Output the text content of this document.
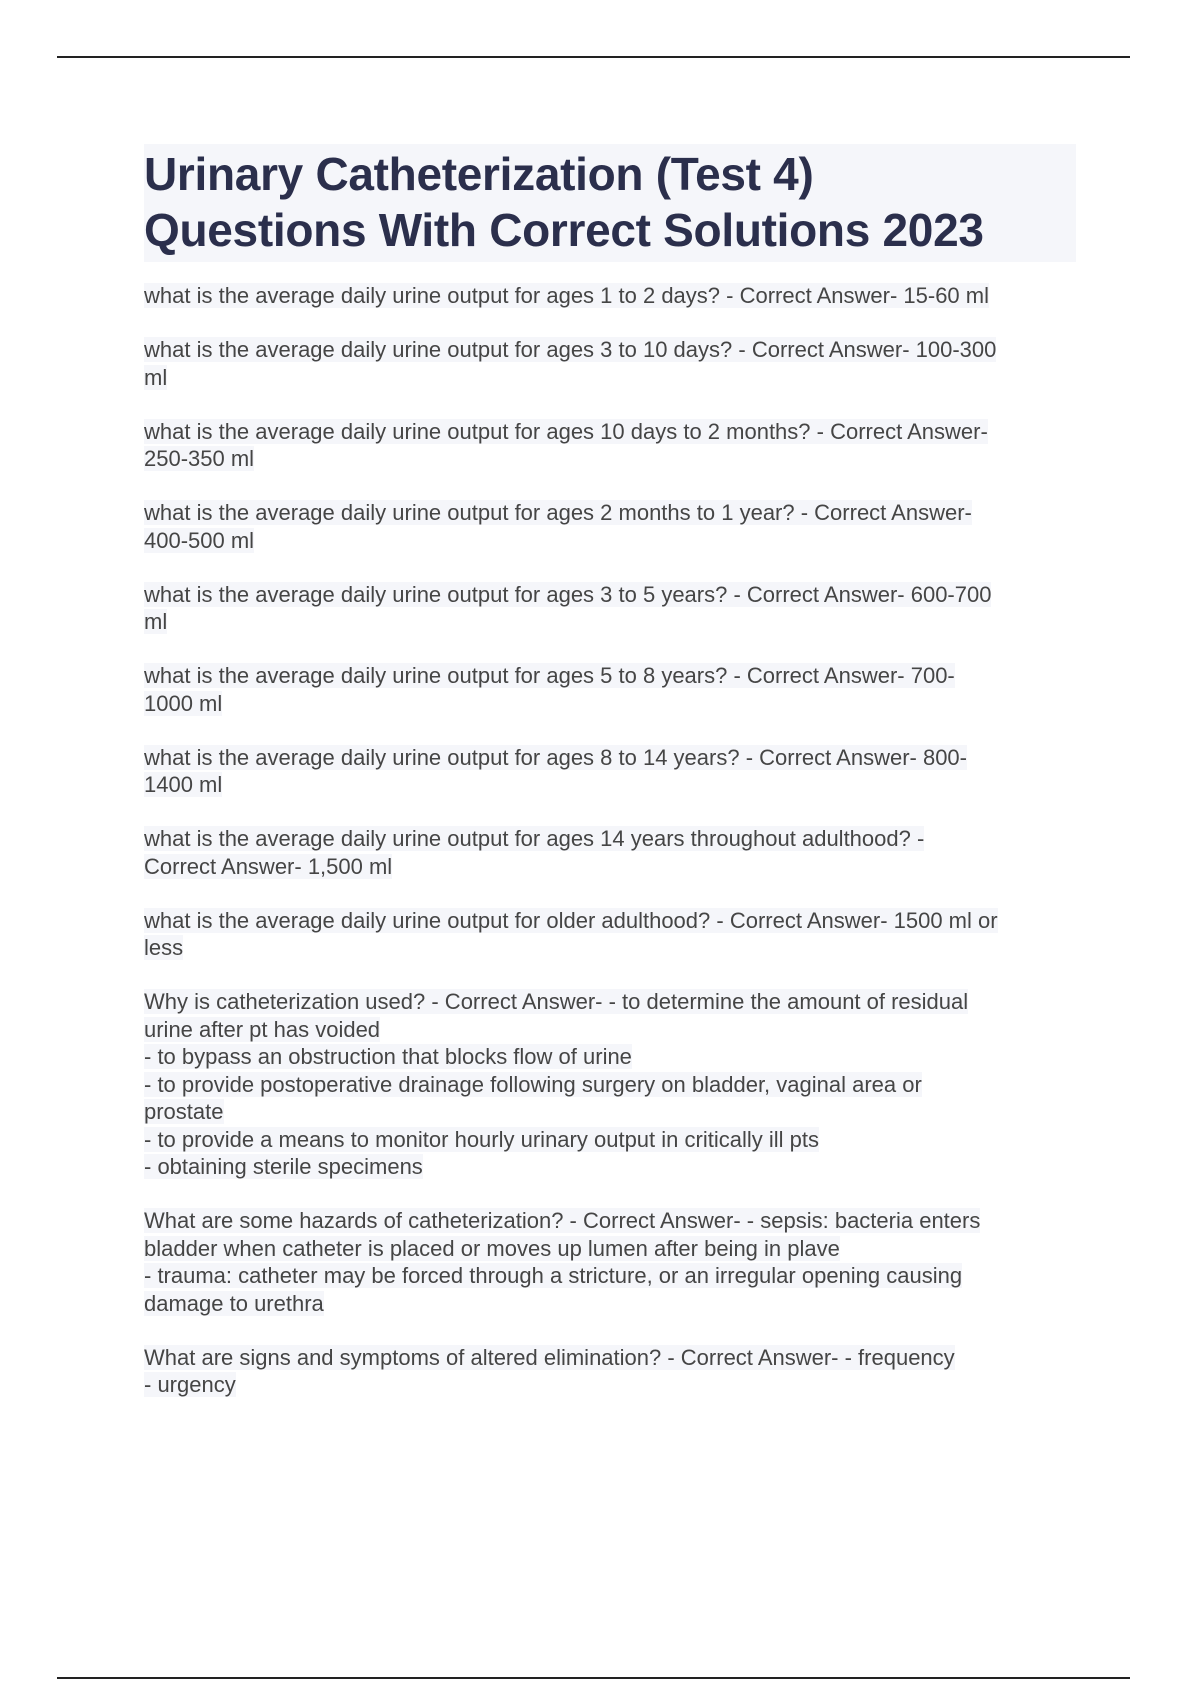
Urinary Catheterization (Test 4)
Questions With Correct Solutions 2023
what is the average daily urine output for ages 1 to 2 days? - Correct Answer- 15-60 ml
what is the average daily urine output for ages 3 to 10 days? - Correct Answer- 100-300
ml
what is the average daily urine output for ages 10 days to 2 months? - Correct Answer-
250-350 ml
what is the average daily urine output for ages 2 months to 1 year? - Correct Answer-
400-500 ml
what is the average daily urine output for ages 3 to 5 years? - Correct Answer- 600-700
ml
what is the average daily urine output for ages 5 to 8 years? - Correct Answer- 700-
1000 ml
what is the average daily urine output for ages 8 to 14 years? - Correct Answer- 800-
1400 ml
what is the average daily urine output for ages 14 years throughout adulthood? -
Correct Answer- 1,500 ml
what is the average daily urine output for older adulthood? - Correct Answer- 1500 ml or
less
Why is catheterization used? - Correct Answer- - to determine the amount of residual
urine after pt has voided
- to bypass an obstruction that blocks flow of urine
- to provide postoperative drainage following surgery on bladder, vaginal area or
prostate
- to provide a means to monitor hourly urinary output in critically ill pts
- obtaining sterile specimens
What are some hazards of catheterization? - Correct Answer- - sepsis: bacteria enters
bladder when catheter is placed or moves up lumen after being in plave
- trauma: catheter may be forced through a stricture, or an irregular opening causing
damage to urethra
What are signs and symptoms of altered elimination? - Correct Answer- - frequency
- urgency
